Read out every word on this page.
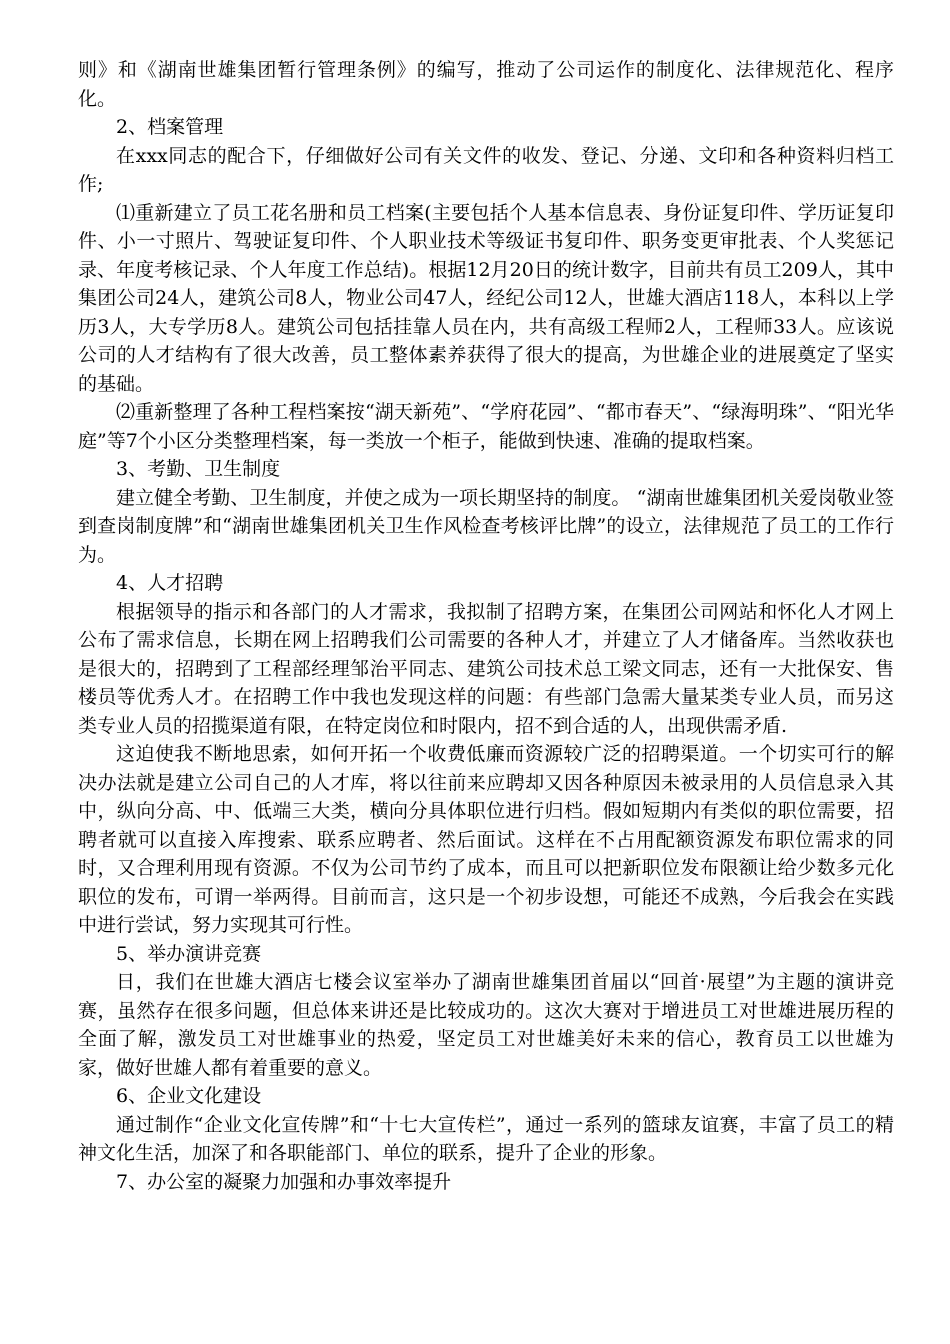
则》和《湖南世雄集团暂行管理条例》的编写，推动了公司运作的制度化、法律规范化、程序化。

2、档案管理

在xxx同志的配合下，仔细做好公司有关文件的收发、登记、分递、文印和各种资料归档工作;

⑴重新建立了员工花名册和员工档案(主要包括个人基本信息表、身份证复印件、学历证复印件、小一寸照片、驾驶证复印件、个人职业技术等级证书复印件、职务变更审批表、个人奖惩记录、年度考核记录、个人年度工作总结)。根据12月20日的统计数字，目前共有员工209人，其中集团公司24人，建筑公司8人，物业公司47人，经纪公司12人，世雄大酒店118人，本科以上学历3人，大专学历8人。建筑公司包括挂靠人员在内，共有高级工程师2人，工程师33人。应该说公司的人才结构有了很大改善，员工整体素养获得了很大的提高，为世雄企业的进展奠定了坚实的基础。

⑵重新整理了各种工程档案按“湖天新苑”、“学府花园”、“都市春天”、“绿海明珠”、“阳光华庭”等7个小区分类整理档案，每一类放一个柜子，能做到快速、准确的提取档案。

3、考勤、卫生制度

建立健全考勤、卫生制度，并使之成为一项长期坚持的制度。 “湖南世雄集团机关爱岗敬业签到查岗制度牌”和“湖南世雄集团机关卫生作风检查考核评比牌”的设立，法律规范了员工的工作行为。

4、人才招聘

根据领导的指示和各部门的人才需求，我拟制了招聘方案，在集团公司网站和怀化人才网上公布了需求信息，长期在网上招聘我们公司需要的各种人才，并建立了人才储备库。当然收获也是很大的，招聘到了工程部经理邹治平同志、建筑公司技术总工梁文同志，还有一大批保安、售楼员等优秀人才。在招聘工作中我也发现这样的问题：有些部门急需大量某类专业人员，而另这类专业人员的招揽渠道有限，在特定岗位和时限内，招不到合适的人，出现供需矛盾.

这迫使我不断地思索，如何开拓一个收费低廉而资源较广泛的招聘渠道。一个切实可行的解决办法就是建立公司自己的人才库，将以往前来应聘却又因各种原因未被录用的人员信息录入其中，纵向分高、中、低端三大类，横向分具体职位进行归档。假如短期内有类似的职位需要，招聘者就可以直接入库搜索、联系应聘者、然后面试。这样在不占用配额资源发布职位需求的同时，又合理利用现有资源。不仅为公司节约了成本，而且可以把新职位发布限额让给少数多元化职位的发布，可谓一举两得。目前而言，这只是一个初步设想，可能还不成熟，今后我会在实践中进行尝试，努力实现其可行性。

5、举办演讲竞赛

日，我们在世雄大酒店七楼会议室举办了湖南世雄集团首届以“回首·展望”为主题的演讲竞赛，虽然存在很多问题，但总体来讲还是比较成功的。这次大赛对于增进员工对世雄进展历程的全面了解，激发员工对世雄事业的热爱，坚定员工对世雄美好未来的信心，教育员工以世雄为家，做好世雄人都有着重要的意义。

6、企业文化建设

通过制作“企业文化宣传牌”和“十七大宣传栏”，通过一系列的篮球友谊赛，丰富了员工的精神文化生活，加深了和各职能部门、单位的联系，提升了企业的形象。

7、办公室的凝聚力加强和办事效率提升
